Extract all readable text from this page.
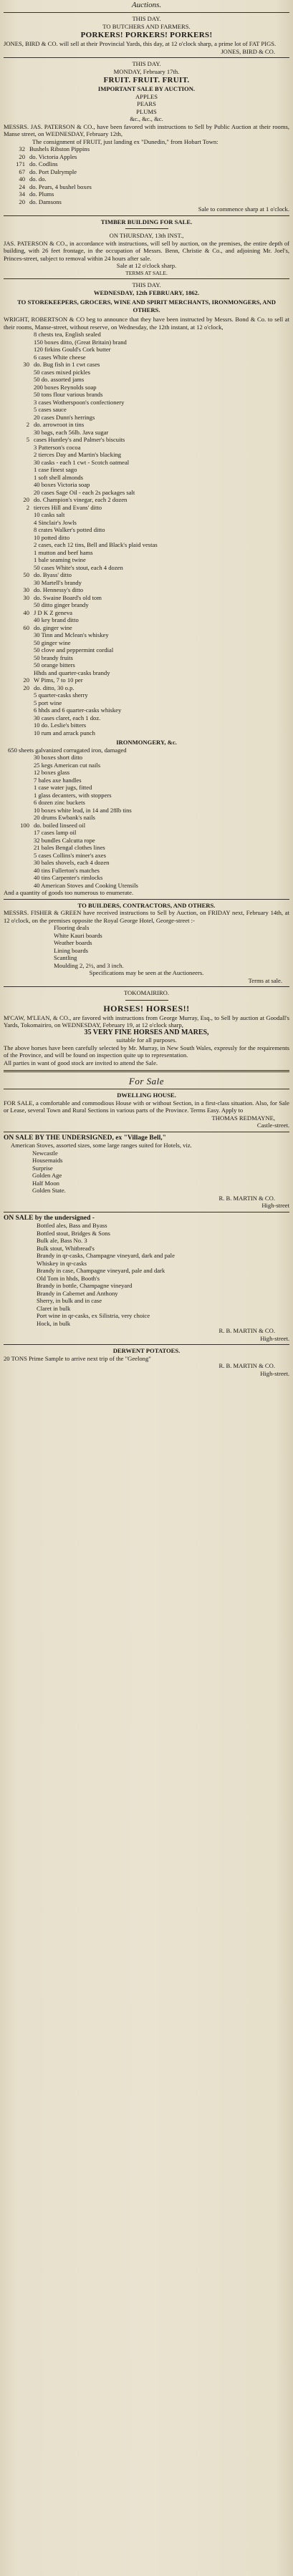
Auctions.
THIS DAY.
TO BUTCHERS AND FARMERS.
PORKERS! PORKERS! PORKERS!
JONES, BIRD & CO. will sell at their Provincial Yards, this day, at 12 o'clock sharp, a prime lot of FAT PIGS.
JONES, BIRD & CO.
THIS DAY.
MONDAY, February 17th.
FRUIT. FRUIT. FRUIT.
IMPORTANT SALE BY AUCTION.
APPLES
PEARS
PLUMS
&c., &c., &c.
MESSRS. JAS. PATERSON & CO., have been favored with instructions to Sell by Public Auction at their rooms, Manse street, on WEDNESDAY, February 12th,
The consignment of FRUIT, just landing ex "Dunedin," from Hobart Town:
32 Bushels Ribston Pippins
20 do. Victoria Apples
171 do. Codlins
67 do. Port Dalrymple
40 do. do.
24 do. Pears, 4 bushel boxes
34 do. Plums
20 do. Damsons
Sale to commence sharp at 1 o'clock.
TIMBER BUILDING FOR SALE.
ON THURSDAY, 13th INST.,
JAS. PATERSON & CO., in accordance with instructions, will sell by auction, on the premises, the entire depth of building, with 26 feet frontage, in the occupation of Messrs. Benn, Christie & Co., and adjoining Mr. Joel's, Princes-street, subject to removal within 24 hours after sale.
Sale at 12 o'clock sharp.
TERMS AT SALE.
THIS DAY.
WEDNESDAY, 12th FEBRUARY, 1862.
TO STOREKEEPERS, GROCERS, WINE AND SPIRIT MERCHANTS, IRONMONGERS, AND OTHERS.
WRIGHT, ROBERTSON & CO beg to announce that they have been instructed by Messrs. Bond & Co. to sell at their rooms, Manse-street, without reserve, on Wednesday, the 12th instant, at 12 o'clock,
8 chests tea, English sealed
150 boxes ditto, (Great Britain) brand
120 firkins Gould's Cork butter
6 cases White cheese
30 do. Bug fish in 1 cwt cases
50 cases mixed pickles
50 do. assorted jams
200 boxes Reynolds soap
50 tons flour various brands
3 cases Wotherspoon's confectionery
5 cases sauce
20 cases Dunn's herrings
2 do. arrowroot in tins
30 bags, each 56lb. Java sugar
5 cases Huntley's and Palmer's biscuits
3 Patterson's cocoa
2 tierces Day and Martin's blacking
30 casks - each 1 cwt - Scotch oatmeal
1 case finest sago
1 soft shell almonds
40 boxes Victoria soap
20 cases Sage Oil - each 2s packages salt
20 do. Champion's vinegar, each 2 dozen
2 tierces Hill and Evans' ditto
10 casks salt
4 Sinclair's Jowls
8 crates Walker's potted ditto
10 potted ditto
2 cases, each 12 tins, Bell and Black's plaid vestas
1 mutton and beef hams
1 bale seaming twine
50 cases White's stout, each 4 dozen
50 do. Byass' ditto
30 Martell's brandy
30 do. Hennessy's ditto
30 do. Swaine Board's old tom
50 ditto ginger brandy
40 J D K Z geneva
40 key brand ditto
60 do. ginger wine
30 Tinn and Mclean's whiskey
50 ginger wine
50 clove and peppermint cordial
50 brandy fruits
50 orange bitters
Hhds and quarter-casks brandy
20 W Pims, 7 to 10 per
20 do. ditto, 30 o.p.
5 quarter-casks sherry
5 port wine
6 hhds and 6 quarter-casks whiskey
30 cases claret, each 1 doz.
10 do. Leslie's bitters
10 rum and arrack punch
IRONMONGERY, &c.
650 sheets galvanized corrugated iron, damaged
30 boxes short ditto
25 kegs American cut nails
12 boxes glass
7 bales axe handles
1 case water jugs, fitted
1 glass decanters, with stoppers
6 dozen zinc buckets
10 boxes white lead, in 14 and 28lb tins
20 drums Ewbank's nails
100 do. boiled linseed oil
17 cases lamp oil
32 bundles Calcutta rope
21 bales Bengal clothes lines
5 cases Collins's miner's axes
30 bales shovels, each 4 dozen
40 tins Fullerton's matches
40 tins Carpenter's rimlocks
40 American Stoves and Cooking Utensils
And a quantity of goods too numerous to enumerate.
TO BUILDERS, CONTRACTORS, AND OTHERS.
MESSRS. FISHER & GREEN have received instructions to Sell by Auction, on FRIDAY next, February 14th, at 12 o'clock, on the premises opposite the Royal George Hotel, George-street :-
Flooring deals
White Kauri boards
Weather boards
Lining boards
Scantling
Moulding 2, 2½, and 3 inch.
Specifications may be seen at the Auctioneers.
Terms at sale.
TOKOMAIRIRO.
HORSES! HORSES!!
M'CAW, M'LEAN, & CO., are favored with instructions from George Murray, Esq., to Sell by auction at Goodall's Yards, Tokomairiro, on WEDNESDAY, February 19, at 12 o'clock sharp,
35 VERY FINE HORSES AND MARES,
suitable for all purposes.
The above horses have been carefully selected by Mr. Murray, in New South Wales, expressly for the requirements of the Province, and will be found on inspection quite up to representation.
All parties in want of good stock are invited to attend the Sale.
For Sale
DWELLING HOUSE.
FOR SALE, a comfortable and commodious House with or without Section, in a first-class situation. Also, for Sale or Lease, several Town and Rural Sections in various parts of the Province. Terms Easy. Apply to
THOMAS REDMAYNE,
Castle-street.
ON SALE BY THE UNDERSIGNED, ex "Village Bell,"
American Stoves, assorted sizes, some large ranges suited for Hotels, viz.
Newcastle
Housemaids
Surprise
Golden Age
Half Moon
Golden State.
R. B. MARTIN & CO.
High-street
ON SALE by the undersigned -
Bottled ales, Bass and Byass
Bottled stout, Bridges & Sons
Bulk ale, Bass No. 3
Bulk stout, Whitbread's
Brandy in qr-casks, Champagne vineyard, dark and pale
Whiskey in qr-casks
Brandy in case, Champagne vineyard, pale and dark
Old Tom in hhds, Booth's
Brandy in bottle, Champagne vineyard
Brandy in Cabernet and Anthony
Sherry, in bulk and in case
Claret in bulk
Port wine in qr-casks, ex Silistria, very choice
Hock, in bulk
R. B. MARTIN & CO.
High-street.
DERWENT POTATOES.
20 TONS Prime Sample to arrive next trip of the "Geelong"
R. B. MARTIN & CO.
High-street.
